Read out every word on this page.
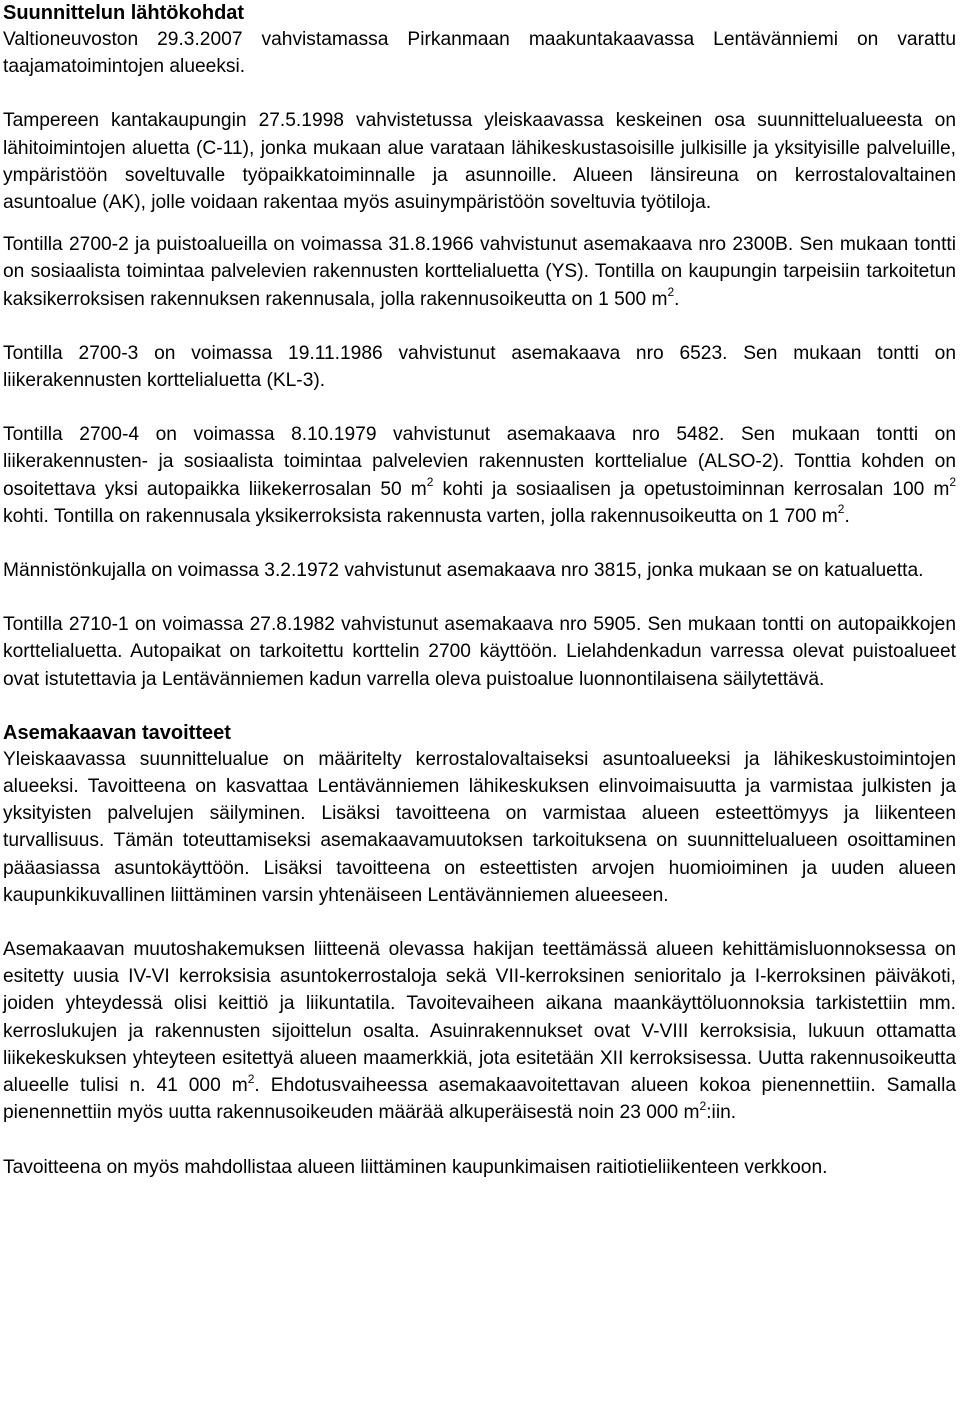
Suunnittelun lähtökohdat

Valtioneuvoston 29.3.2007 vahvistamassa Pirkanmaan maakuntakaavassa Lentävänniemi on varattu taajamatoimintojen alueeksi.

Tampereen kantakaupungin 27.5.1998 vahvistetussa yleiskaavassa keskeinen osa suunnittelualueesta on lähitoimintojen aluetta (C-11), jonka mukaan alue varataan lähikeskustasoisille julkisille ja yksityisille palveluille, ympäristöön soveltuvalle työpaikkatoiminnalle ja asunnoille. Alueen länsireuna on kerrostalovaltainen asuntoalue (AK), jolle voidaan rakentaa myös asuinympäristöön soveltuvia työtiloja.

Tontilla 2700-2 ja puistoalueilla on voimassa 31.8.1966 vahvistunut asemakaava nro 2300B. Sen mukaan tontti on sosiaalista toimintaa palvelevien rakennusten korttelialuetta (YS). Tontilla on kaupungin tarpeisiin tarkoitetun kaksikerroksisen rakennuksen rakennusala, jolla rakennusoikeutta on 1 500 $m^2$.

Tontilla 2700-3 on voimassa 19.11.1986 vahvistunut asemakaava nro 6523. Sen mukaan tontti on liikerakennusten korttelialuetta (KL-3).

Tontilla 2700-4 on voimassa 8.10.1979 vahvistunut asemakaava nro 5482. Sen mukaan tontti on liikerakennusten- ja sosiaalista toimintaa palvelevien rakennusten korttelialue (ALSO-2). Tonttia kohden on osoitettava yksi autopaikka liikekerrosalan 50 $m^2$ kohti ja sosiaalisen ja opetustoiminnan kerrosalan 100 $m^2$ kohti. Tontilla on rakennusala yksikerroksista rakennusta varten, jolla rakennusoikeutta on 1 700 $m^2$.

Männistönkujalla on voimassa 3.2.1972 vahvistunut asemakaava nro 3815, jonka mukaan se on katualuetta.

Tontilla 2710-1 on voimassa 27.8.1982 vahvistunut asemakaava nro 5905. Sen mukaan tontti on autopaikkojen korttelialuetta. Autopaikat on tarkoitettu korttelin 2700 käyttöön. Lielahdenkadun varressa olevat puistoalueet ovat istutettavia ja Lentävänniemen kadun varrella oleva puistoalue luonnontilaisena säilytettävä.

Asemakaavan tavoitteet

Yleiskaavassa suunnittelualue on määritelty kerrostalovaltaiseksi asuntoalueeksi ja lähikeskustoimintojen alueeksi. Tavoitteena on kasvattaa Lentävänniemen lähikeskuksen elinvoimaisuutta ja varmistaa julkisten ja yksityisten palvelujen säilyminen. Lisäksi tavoitteena on varmistaa alueen esteettömyys ja liikenteen turvallisuus. Tämän toteuttamiseksi asemakaavamuutoksen tarkoituksena on suunnittelualueen osoittaminen pääasiassa asuntokäyttöön. Lisäksi tavoitteena on esteettisten arvojen huomioiminen ja uuden alueen kaupunkikuvallinen liittäminen varsin yhtenäiseen Lentävänniemen alueeseen.

Asemakaavan muutoshakemuksen liitteenä olevassa hakijan teettämässä alueen kehittämisluonnoksessa on esitetty uusia IV-VI kerroksisia asuntokerrostaloja sekä VII-kerroksinen senioritalo ja I-kerroksinen päiväkoti, joiden yhteydessä olisi keittiö ja liikuntatila. Tavoitevaiheen aikana maankäyttöluonnoksia tarkistettiin mm. kerroslukujen ja rakennusten sijoittelun osalta. Asuinrakennukset ovat V-VIII kerroksisia, lukuun ottamatta liikekeskuksen yhteyteen esitettyä alueen maamerkkiä, jota esitetään XII kerroksisessa. Uutta rakennusoikeutta alueelle tulisi n. 41 000 $m^2$. Ehdotusvaiheessa asemakaavoitettavan alueen kokoa pienennettiin. Samalla pienennettiin myös uutta rakennusoikeuden määrää alkuperäisestä noin 23 000 $m^2:iin$.

Tavoitteena on myös mahdollistaa alueen liittäminen kaupunkimaisen raitiotieliikenteen verkkoon.
